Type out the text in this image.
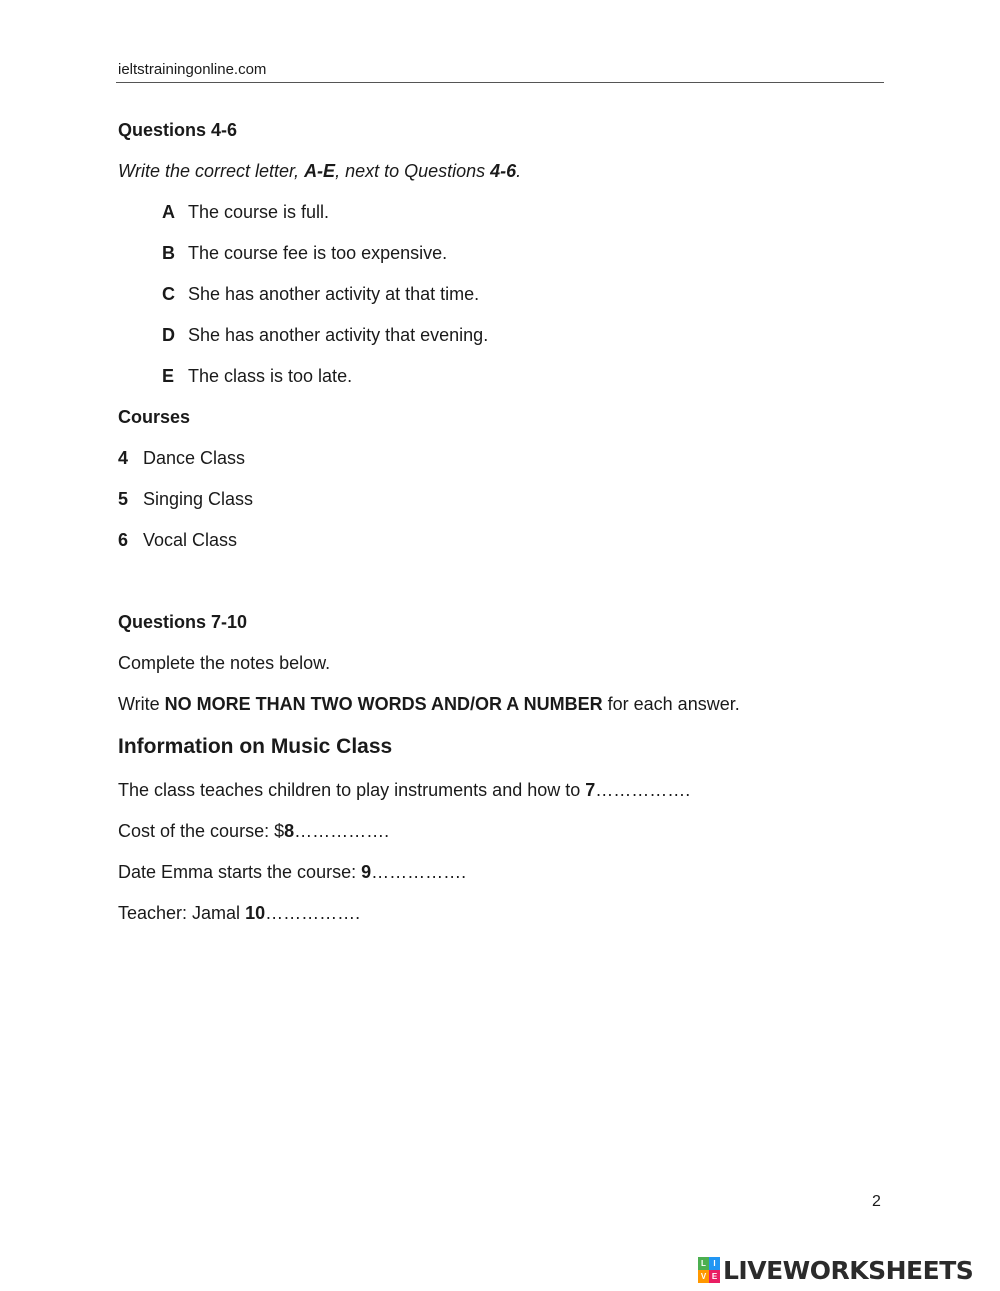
ieltstrainingonline.com
Questions 4-6
Write the correct letter, A-E, next to Questions 4-6.
A The course is full.
B The course fee is too expensive.
C She has another activity at that time.
D She has another activity that evening.
E The class is too late.
Courses
4 Dance Class
5 Singing Class
6 Vocal Class
Questions 7-10
Complete the notes below.
Write NO MORE THAN TWO WORDS AND/OR A NUMBER for each answer.
Information on Music Class
The class teaches children to play instruments and how to 7…………….
Cost of the course: $8…………….
Date Emma starts the course: 9…………….
Teacher: Jamal 10…………….
2
L I
V E LIVEWORKSHEETS
